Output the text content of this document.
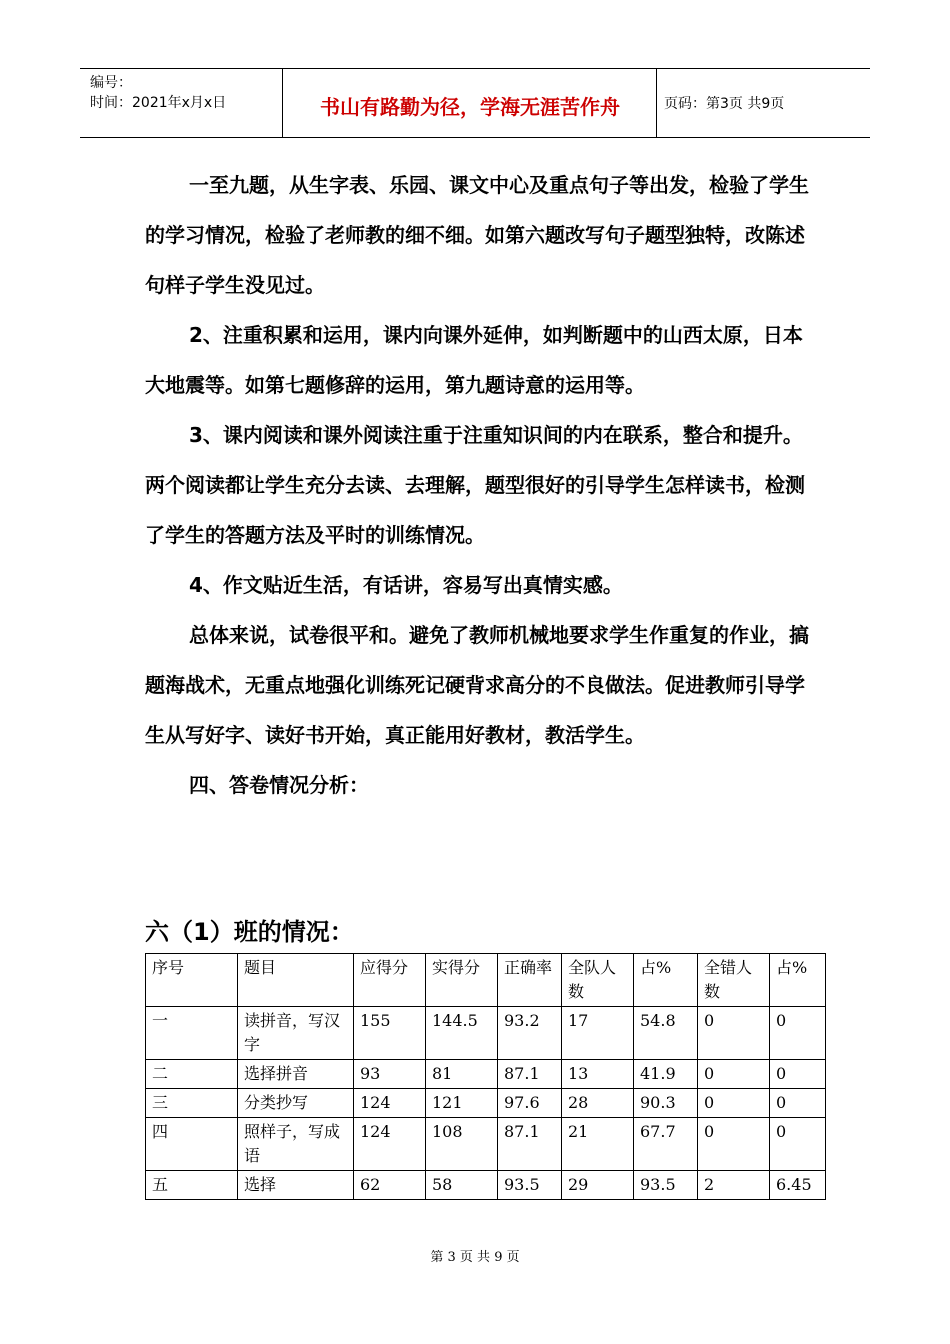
编号：
时间：2021年x月x日	书山有路勤为径，学海无涯苦作舟	页码：第3页 共9页

一至九题，从生字表、乐园、课文中心及重点句子等出发，检验了学生的学习情况，检验了老师教的细不细。如第六题改写句子题型独特，改陈述句样子学生没见过。

2、注重积累和运用，课内向课外延伸，如判断题中的山西太原，日本大地震等。如第七题修辞的运用，第九题诗意的运用等。

3、课内阅读和课外阅读注重于注重知识间的内在联系，整合和提升。两个阅读都让学生充分去读、去理解，题型很好的引导学生怎样读书，检测了学生的答题方法及平时的训练情况。

4、作文贴近生活，有话讲，容易写出真情实感。

总体来说，试卷很平和。避免了教师机械地要求学生作重复的作业，搞题海战术，无重点地强化训练死记硬背求高分的不良做法。促进教师引导学生从写好字、读好书开始，真正能用好教材，教活学生。

四、答卷情况分析：

六（1）班的情况：
序号	题目	应得分	实得分	正确率	全队人数	占%	全错人数	占%
一	读拼音，写汉字	155	144.5	93.2	17	54.8	0	0
二	选择拼音	93	81	87.1	13	41.9	0	0
三	分类抄写	124	121	97.6	28	90.3	0	0
四	照样子，写成语	124	108	87.1	21	67.7	0	0
五	选择	62	58	93.5	29	93.5	2	6.45
第 3 页 共 9 页
